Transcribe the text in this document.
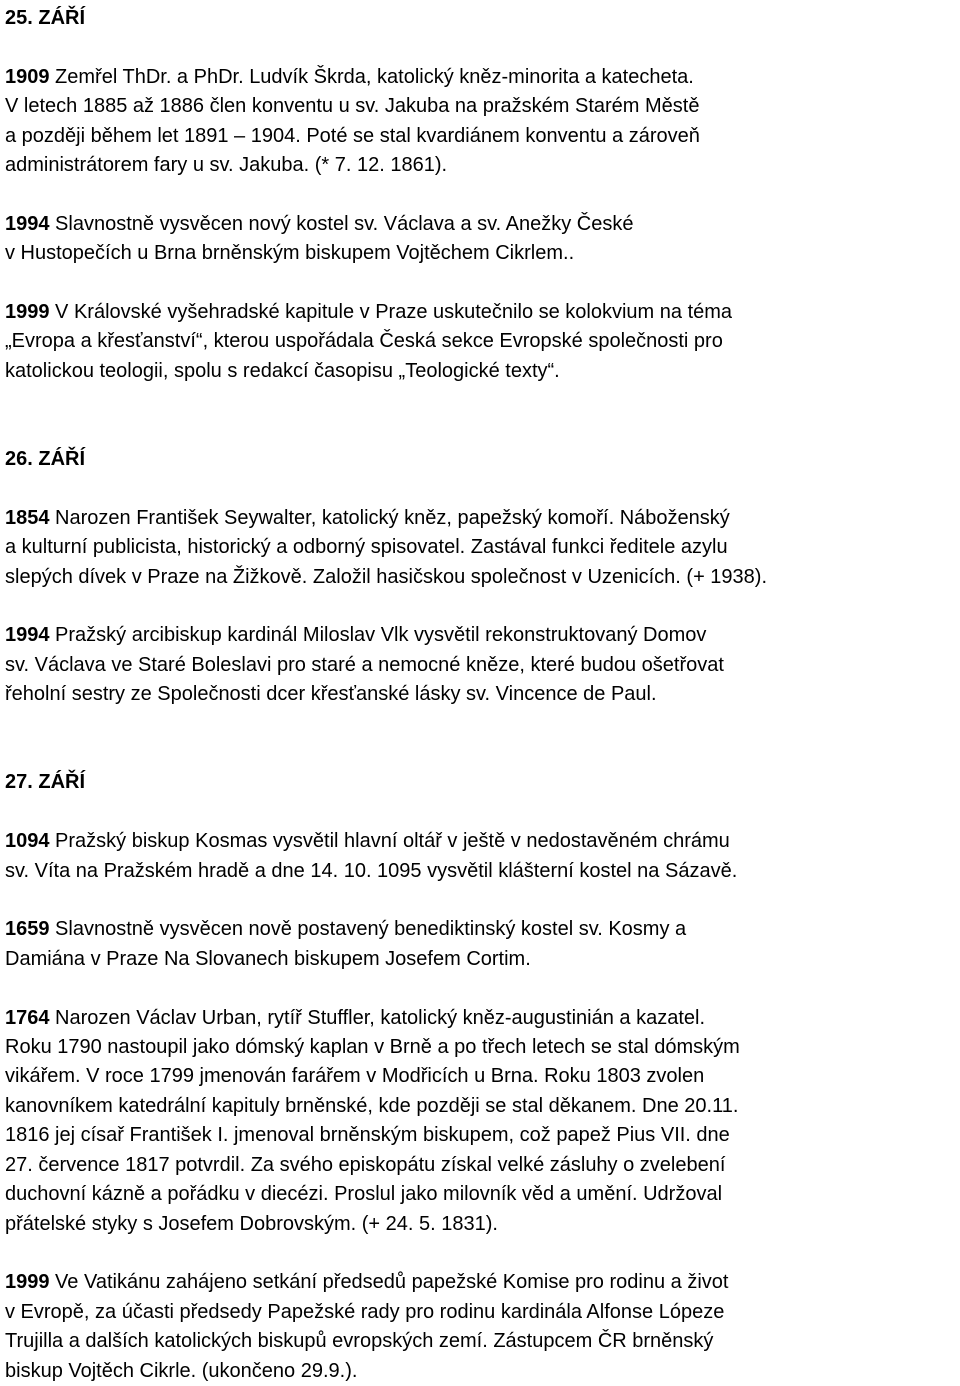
25. ZÁŘÍ

1909 Zemřel ThDr. a PhDr. Ludvík Škrda, katolický kněz-minorita a katecheta.
V letech 1885 až 1886 člen konventu u sv. Jakuba na pražském Starém Městě
a později během let 1891 – 1904. Poté se stal kvardiánem konventu a zároveň
administrátorem fary u sv. Jakuba. (* 7. 12. 1861).

1994 Slavnostně vysvěcen nový kostel sv. Václava a sv. Anežky České
v Hustopečích u Brna brněnským biskupem Vojtěchem Cikrlem..

1999 V Královské vyšehradské kapitule v Praze uskutečnilo se kolokvium na téma
„Evropa a křesťanství“, kterou uspořádala Česká sekce Evropské společnosti pro
katolickou teologii, spolu s redakcí časopisu „Teologické texty“.

26. ZÁŘÍ

1854 Narozen František Seywalter, katolický kněz, papežský komoří. Náboženský
a kulturní publicista, historický a odborný spisovatel. Zastával funkci ředitele azylu
slepých dívek v Praze na Žižkově. Založil hasičskou společnost v Uzenicích. (+ 1938).

1994 Pražský arcibiskup kardinál Miloslav Vlk vysvětil rekonstruktovaný Domov
sv. Václava ve Staré Boleslavi pro staré a nemocné kněze, které budou ošetřovat
řeholní sestry ze Společnosti dcer křesťanské lásky sv. Vincence de Paul.

27. ZÁŘÍ

1094 Pražský biskup Kosmas vysvětil hlavní oltář v ještě v nedostavěném chrámu
sv. Víta na Pražském hradě a dne 14. 10. 1095 vysvětil klášterní kostel na Sázavě.

1659 Slavnostně vysvěcen nově postavený benediktinský kostel sv. Kosmy a
Damiána v Praze Na Slovanech biskupem Josefem Cortim.

1764 Narozen Václav Urban, rytíř Stuffler, katolický kněz-augustinián a kazatel.
Roku 1790 nastoupil jako dómský kaplan v Brně a po třech letech se stal dómským
vikářem. V roce 1799 jmenován farářem v Modřicích u Brna. Roku 1803 zvolen
kanovníkem katedrální kapituly brněnské, kde později se stal děkanem. Dne 20.11.
1816 jej císař František I. jmenoval brněnským biskupem, což papež Pius VII. dne
27. července 1817 potvrdil. Za svého episkopátu získal velké zásluhy o zvelebení
duchovní kázně a pořádku v diecézi. Proslul jako milovník věd a umění. Udržoval
přátelské styky s Josefem Dobrovským. (+ 24. 5. 1831).

1999 Ve Vatikánu zahájeno setkání předsedů papežské Komise pro rodinu a život
v Evropě, za účasti předsedy Papežské rady pro rodinu kardinála Alfonse Lópeze
Trujilla a dalších katolických biskupů evropských zemí. Zástupcem ČR brněnský
biskup Vojtěch Cikrle. (ukončeno 29.9.).
